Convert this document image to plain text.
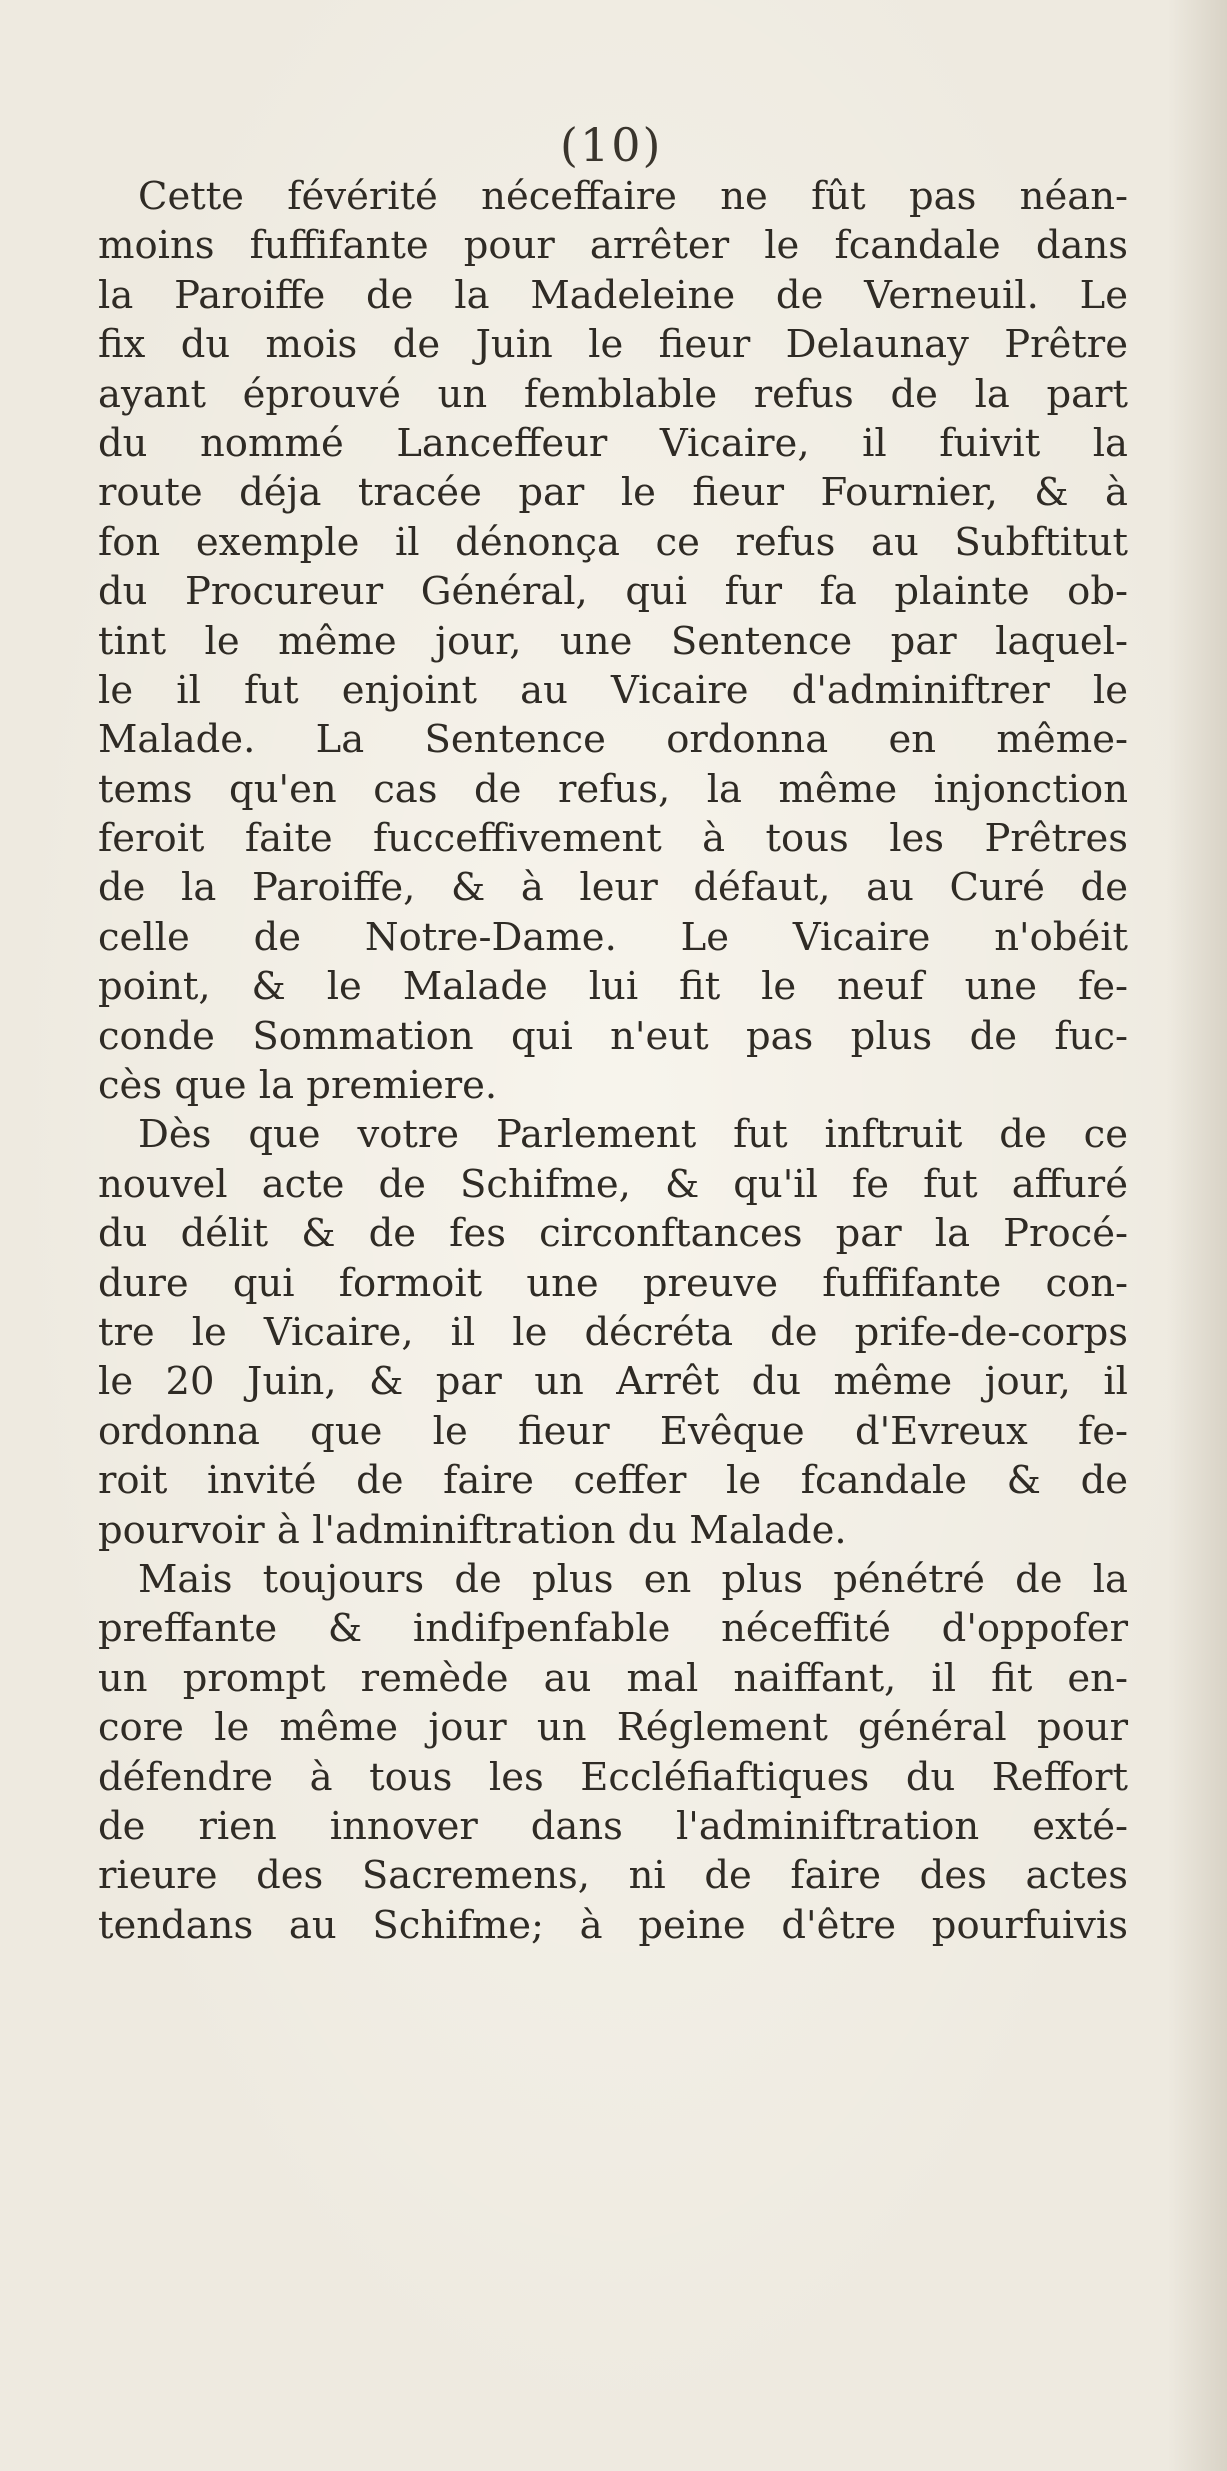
(10)
Cette févérité néceffaire ne fût pas néan-
moins fuffifante pour arrêter le fcandale dans
la Paroiffe de la Madeleine de Verneuil. Le
fix du mois de Juin le fieur Delaunay Prêtre
ayant éprouvé un femblable refus de la part
du nommé Lanceffeur Vicaire, il fuivit la
route déja tracée par le fieur Fournier, & à
fon exemple il dénonça ce refus au Subftitut
du Procureur Général, qui fur fa plainte ob-
tint le même jour, une Sentence par laquel-
le il fut enjoint au Vicaire d'adminiftrer le
Malade. La Sentence ordonna en même-
tems qu'en cas de refus, la même injonction
feroit faite fucceffivement à tous les Prêtres
de la Paroiffe, & à leur défaut, au Curé de
celle de Notre-Dame. Le Vicaire n'obéit
point, & le Malade lui fit le neuf une fe-
conde Sommation qui n'eut pas plus de fuc-
cès que la premiere.
Dès que votre Parlement fut inftruit de ce
nouvel acte de Schifme, & qu'il fe fut affuré
du délit & de fes circonftances par la Procé-
dure qui formoit une preuve fuffifante con-
tre le Vicaire, il le décréta de prife-de-corps
le 20 Juin, & par un Arrêt du même jour, il
ordonna que le fieur Evêque d'Evreux fe-
roit invité de faire ceffer le fcandale & de
pourvoir à l'adminiftration du Malade.
Mais toujours de plus en plus pénétré de la
preffante & indifpenfable néceffité d'oppofer
un prompt remède au mal naiffant, il fit en-
core le même jour un Réglement général pour
défendre à tous les Eccléfiaftiques du Reffort
de rien innover dans l'adminiftration exté-
rieure des Sacremens, ni de faire des actes
tendans au Schifme; à peine d'être pourfuivis
